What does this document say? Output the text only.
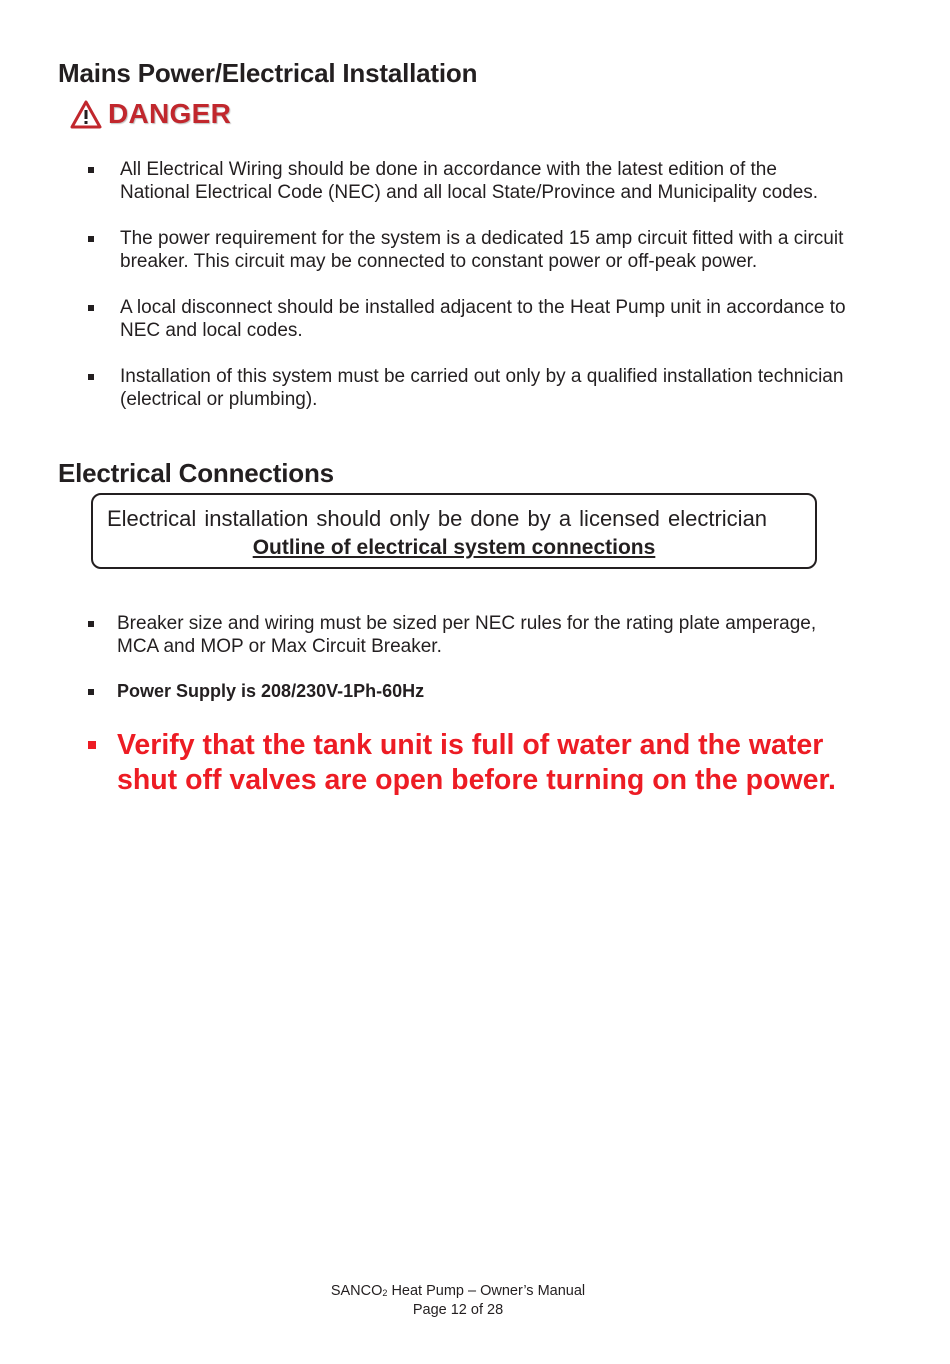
Mains Power/Electrical Installation
DANGER
All Electrical Wiring should be done in accordance with the latest edition of the National Electrical Code (NEC) and all local State/Province and Municipality codes.
The power requirement for the system is a dedicated 15 amp circuit fitted with a circuit breaker. This circuit may be connected to constant power or off-peak power.
A local disconnect should be installed adjacent to the Heat Pump unit in accordance to NEC and local codes.
Installation of this system must be carried out only by a qualified installation technician (electrical or plumbing).
Electrical Connections
Electrical installation should only be done by a licensed electrician
Outline of electrical system connections
Breaker size and wiring must be sized per NEC rules for the rating plate amperage, MCA and MOP or Max Circuit Breaker.
Power Supply is 208/230V-1Ph-60Hz
Verify that the tank unit is full of water and the water shut off valves are open before turning on the power.
$SANCO_2$ Heat Pump – Owner’s Manual
Page 12 of 28
